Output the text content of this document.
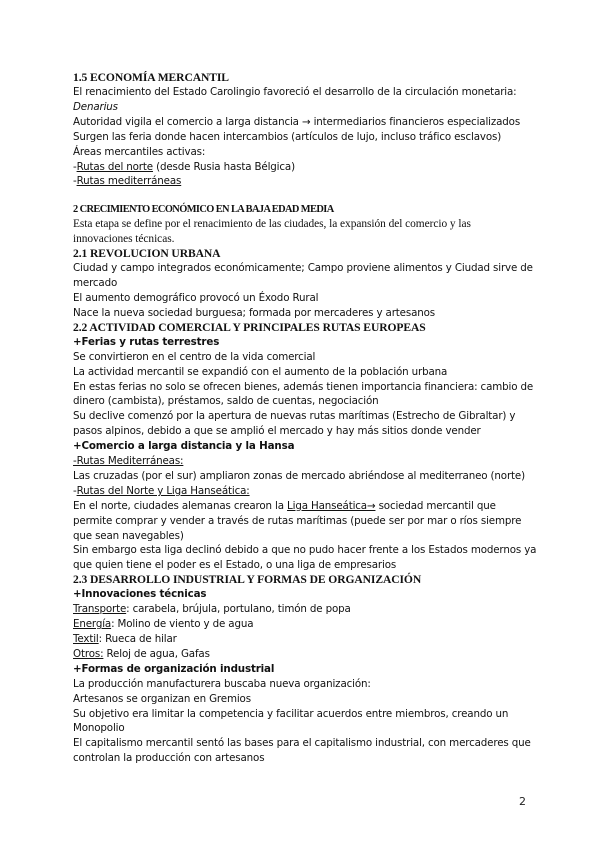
1.5 ECONOMÍA MERCANTIL
El renacimiento del Estado Carolingio favoreció el desarrollo de la circulación monetaria:
Denarius
Autoridad vigila el comercio a larga distancia → intermediarios financieros especializados
Surgen las feria donde hacen intercambios (artículos de lujo, incluso tráfico esclavos)
Áreas mercantiles activas:
-Rutas del norte (desde Rusia hasta Bélgica)
-Rutas mediterráneas
2 CRECIMIENTO ECONÓMICO EN LA BAJA EDAD MEDIA
Esta etapa se define por el renacimiento de las ciudades, la expansión del comercio y las innovaciones técnicas.
2.1 REVOLUCION URBANA
Ciudad y campo integrados económicamente; Campo proviene alimentos y Ciudad sirve de
mercado
El aumento demográfico provocó un Éxodo Rural
Nace la nueva sociedad burguesa; formada por mercaderes y artesanos
2.2 ACTIVIDAD COMERCIAL Y PRINCIPALES RUTAS EUROPEAS
+Ferias y rutas terrestres
Se convirtieron en el centro de la vida comercial
La actividad mercantil se expandió con el aumento de la población urbana
En estas ferias no solo se ofrecen bienes, además tienen importancia financiera: cambio de
dinero (cambista), préstamos, saldo de cuentas, negociación
Su declive comenzó por la apertura de nuevas rutas marítimas (Estrecho de Gibraltar) y
pasos alpinos, debido a que se amplió el mercado y hay más sitios donde vender
+Comercio a larga distancia y la Hansa
-Rutas Mediterráneas:
Las cruzadas (por el sur) ampliaron zonas de mercado abriéndose al mediterraneo (norte)
-Rutas del Norte y Liga Hanseática:
En el norte, ciudades alemanas crearon la Liga Hanseática→ sociedad mercantil que
permite comprar y vender a través de rutas marítimas (puede ser por mar o ríos siempre
que sean navegables)
Sin embargo esta liga declinó debido a que no pudo hacer frente a los Estados modernos ya
que quien tiene el poder es el Estado, o una liga de empresarios
2.3 DESARROLLO INDUSTRIAL Y FORMAS DE ORGANIZACIÓN
+Innovaciones técnicas
Transporte: carabela, brújula, portulano, timón de popa
Energía: Molino de viento y de agua
Textil: Rueca de hilar
Otros: Reloj de agua, Gafas
+Formas de organización industrial
La producción manufacturera buscaba nueva organización:
Artesanos se organizan en Gremios
Su objetivo era limitar la competencia y facilitar acuerdos entre miembros, creando un
Monopolio
El capitalismo mercantil sentó las bases para el capitalismo industrial, con mercaderes que
controlan la producción con artesanos
2
